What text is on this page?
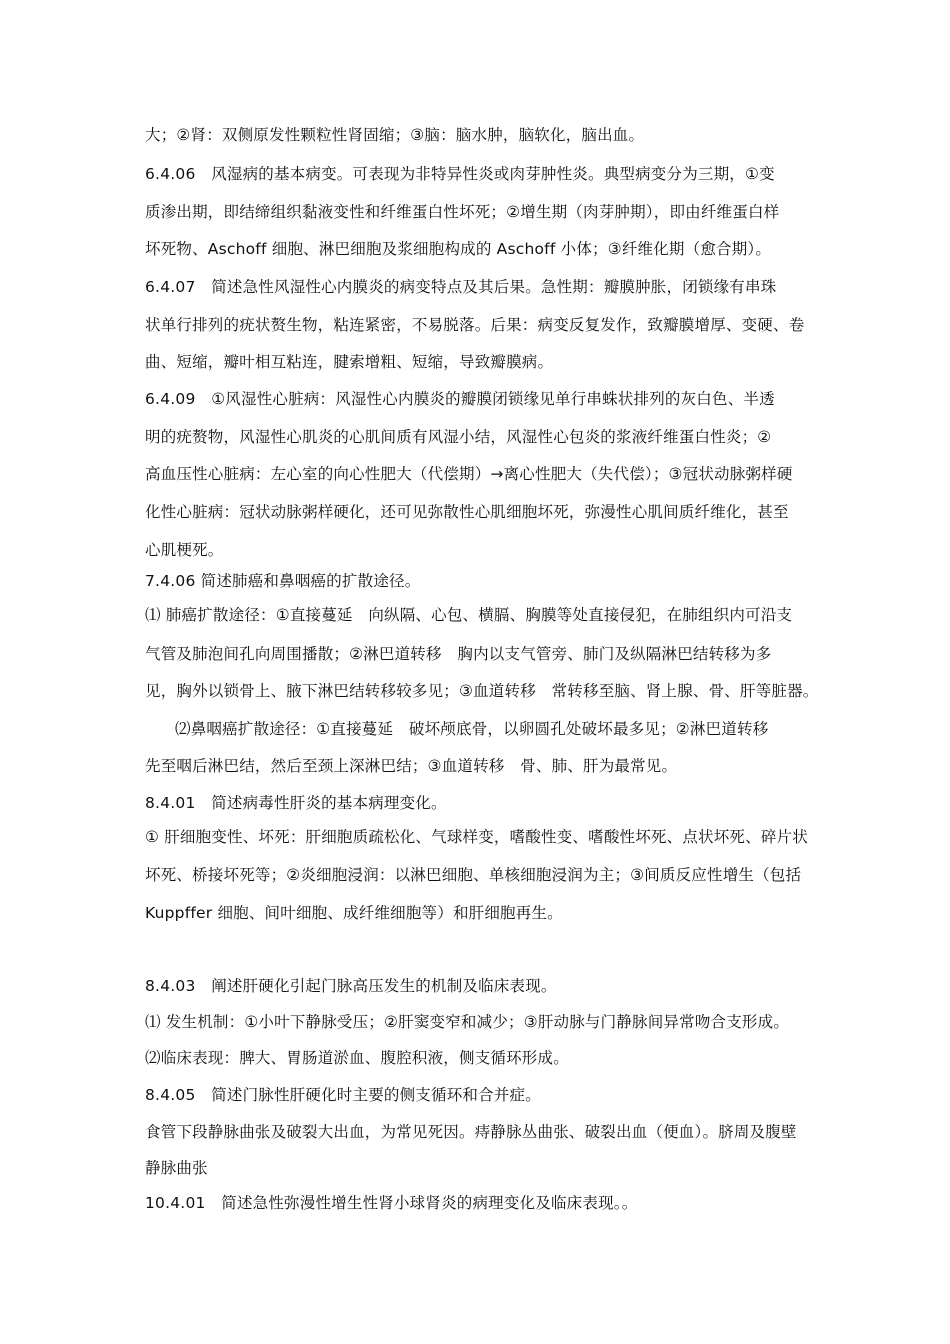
大；②肾：双侧原发性颗粒性肾固缩；③脑：脑水肿，脑软化，脑出血。
6.4.06　风湿病的基本病变。可表现为非特异性炎或肉芽肿性炎。典型病变分为三期，①变
质渗出期，即结缔组织黏液变性和纤维蛋白性坏死；②增生期（肉芽肿期），即由纤维蛋白样
坏死物、Aschoff 细胞、淋巴细胞及浆细胞构成的 Aschoff 小体；③纤维化期（愈合期）。
6.4.07　简述急性风湿性心内膜炎的病变特点及其后果。急性期：瓣膜肿胀，闭锁缘有串珠
状单行排列的疣状赘生物，粘连紧密，不易脱落。后果：病变反复发作，致瓣膜增厚、变硬、卷
曲、短缩，瓣叶相互粘连，腱索增粗、短缩，导致瓣膜病。
6.4.09　①风湿性心脏病：风湿性心内膜炎的瓣膜闭锁缘见单行串蛛状排列的灰白色、半透
明的疣赘物，风湿性心肌炎的心肌间质有风湿小结，风湿性心包炎的浆液纤维蛋白性炎；②
高血压性心脏病：左心室的向心性肥大（代偿期）→离心性肥大（失代偿）；③冠状动脉粥样硬
化性心脏病：冠状动脉粥样硬化，还可见弥散性心肌细胞坏死，弥漫性心肌间质纤维化，甚至
心肌梗死。
7.4.06 简述肺癌和鼻咽癌的扩散途径。
⑴ 肺癌扩散途径：①直接蔓延　向纵隔、心包、横膈、胸膜等处直接侵犯，在肺组织内可沿支
气管及肺泡间孔向周围播散；②淋巴道转移　胸内以支气管旁、肺门及纵隔淋巴结转移为多
见，胸外以锁骨上、腋下淋巴结转移较多见；③血道转移　常转移至脑、肾上腺、骨、肝等脏器。
⑵鼻咽癌扩散途径：①直接蔓延　破坏颅底骨，以卵圆孔处破坏最多见；②淋巴道转移
先至咽后淋巴结，然后至颈上深淋巴结；③血道转移　骨、肺、肝为最常见。
8.4.01　简述病毒性肝炎的基本病理变化。
① 肝细胞变性、坏死：肝细胞质疏松化、气球样变，嗜酸性变、嗜酸性坏死、点状坏死、碎片状
坏死、桥接坏死等；②炎细胞浸润：以淋巴细胞、单核细胞浸润为主；③间质反应性增生（包括
Kuppffer 细胞、间叶细胞、成纤维细胞等）和肝细胞再生。
8.4.03　阐述肝硬化引起门脉高压发生的机制及临床表现。
⑴ 发生机制：①小叶下静脉受压；②肝窦变窄和减少；③肝动脉与门静脉间异常吻合支形成。
⑵临床表现：脾大、胃肠道淤血、腹腔积液，侧支循环形成。
8.4.05　简述门脉性肝硬化时主要的侧支循环和合并症。
食管下段静脉曲张及破裂大出血，为常见死因。痔静脉丛曲张、破裂出血（便血）。脐周及腹壁
静脉曲张
10.4.01　简述急性弥漫性增生性肾小球肾炎的病理变化及临床表现。。
